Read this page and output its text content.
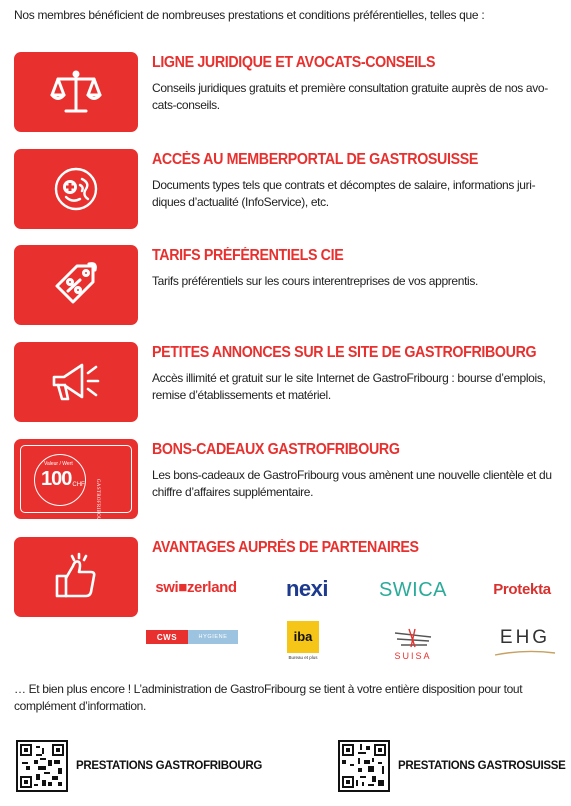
Nos membres bénéficient de nombreuses prestations et conditions préférentielles, telles que :
LIGNE JURIDIQUE ET AVOCATS-CONSEILS
Conseils juridiques gratuits et première consultation gratuite auprès de nos avo-cats-conseils.
ACCÈS AU MEMBERPORTAL DE GASTROSUISSE
Documents types tels que contrats et décomptes de salaire, informations juri-diques d’actualité (InfoService), etc.
TARIFS PRÉFÉRENTIELS CIE
Tarifs préférentiels sur les cours interentreprises de vos apprentis.
PETITES ANNONCES SUR LE SITE DE GASTROFRIBOURG
Accès illimité et gratuit sur le site Internet de GastroFribourg : bourse d’emplois, remise d’établissements et matériel.
Valeur / Wert
100 CHF GASTROFRIBOURG
BONS-CADEAUX GASTROFRIBOURG
Les bons-cadeaux de GastroFribourg vous amènent une nouvelle clientèle et du chiffre d’affaires supplémentaire.
AVANTAGES AUPRÈS DE PARTENAIRES
swi■zerland nexi	SWICA	Protekta
CWS	HYGIENE	iba
Bureau et plus	SUISA
EHG
… Et bien plus encore ! L’administration de GastroFribourg se tient à votre entière disposition pour tout complément d’information.
PRESTATIONS GASTROFRIBOURG	PRESTATIONS GASTROSUISSE
